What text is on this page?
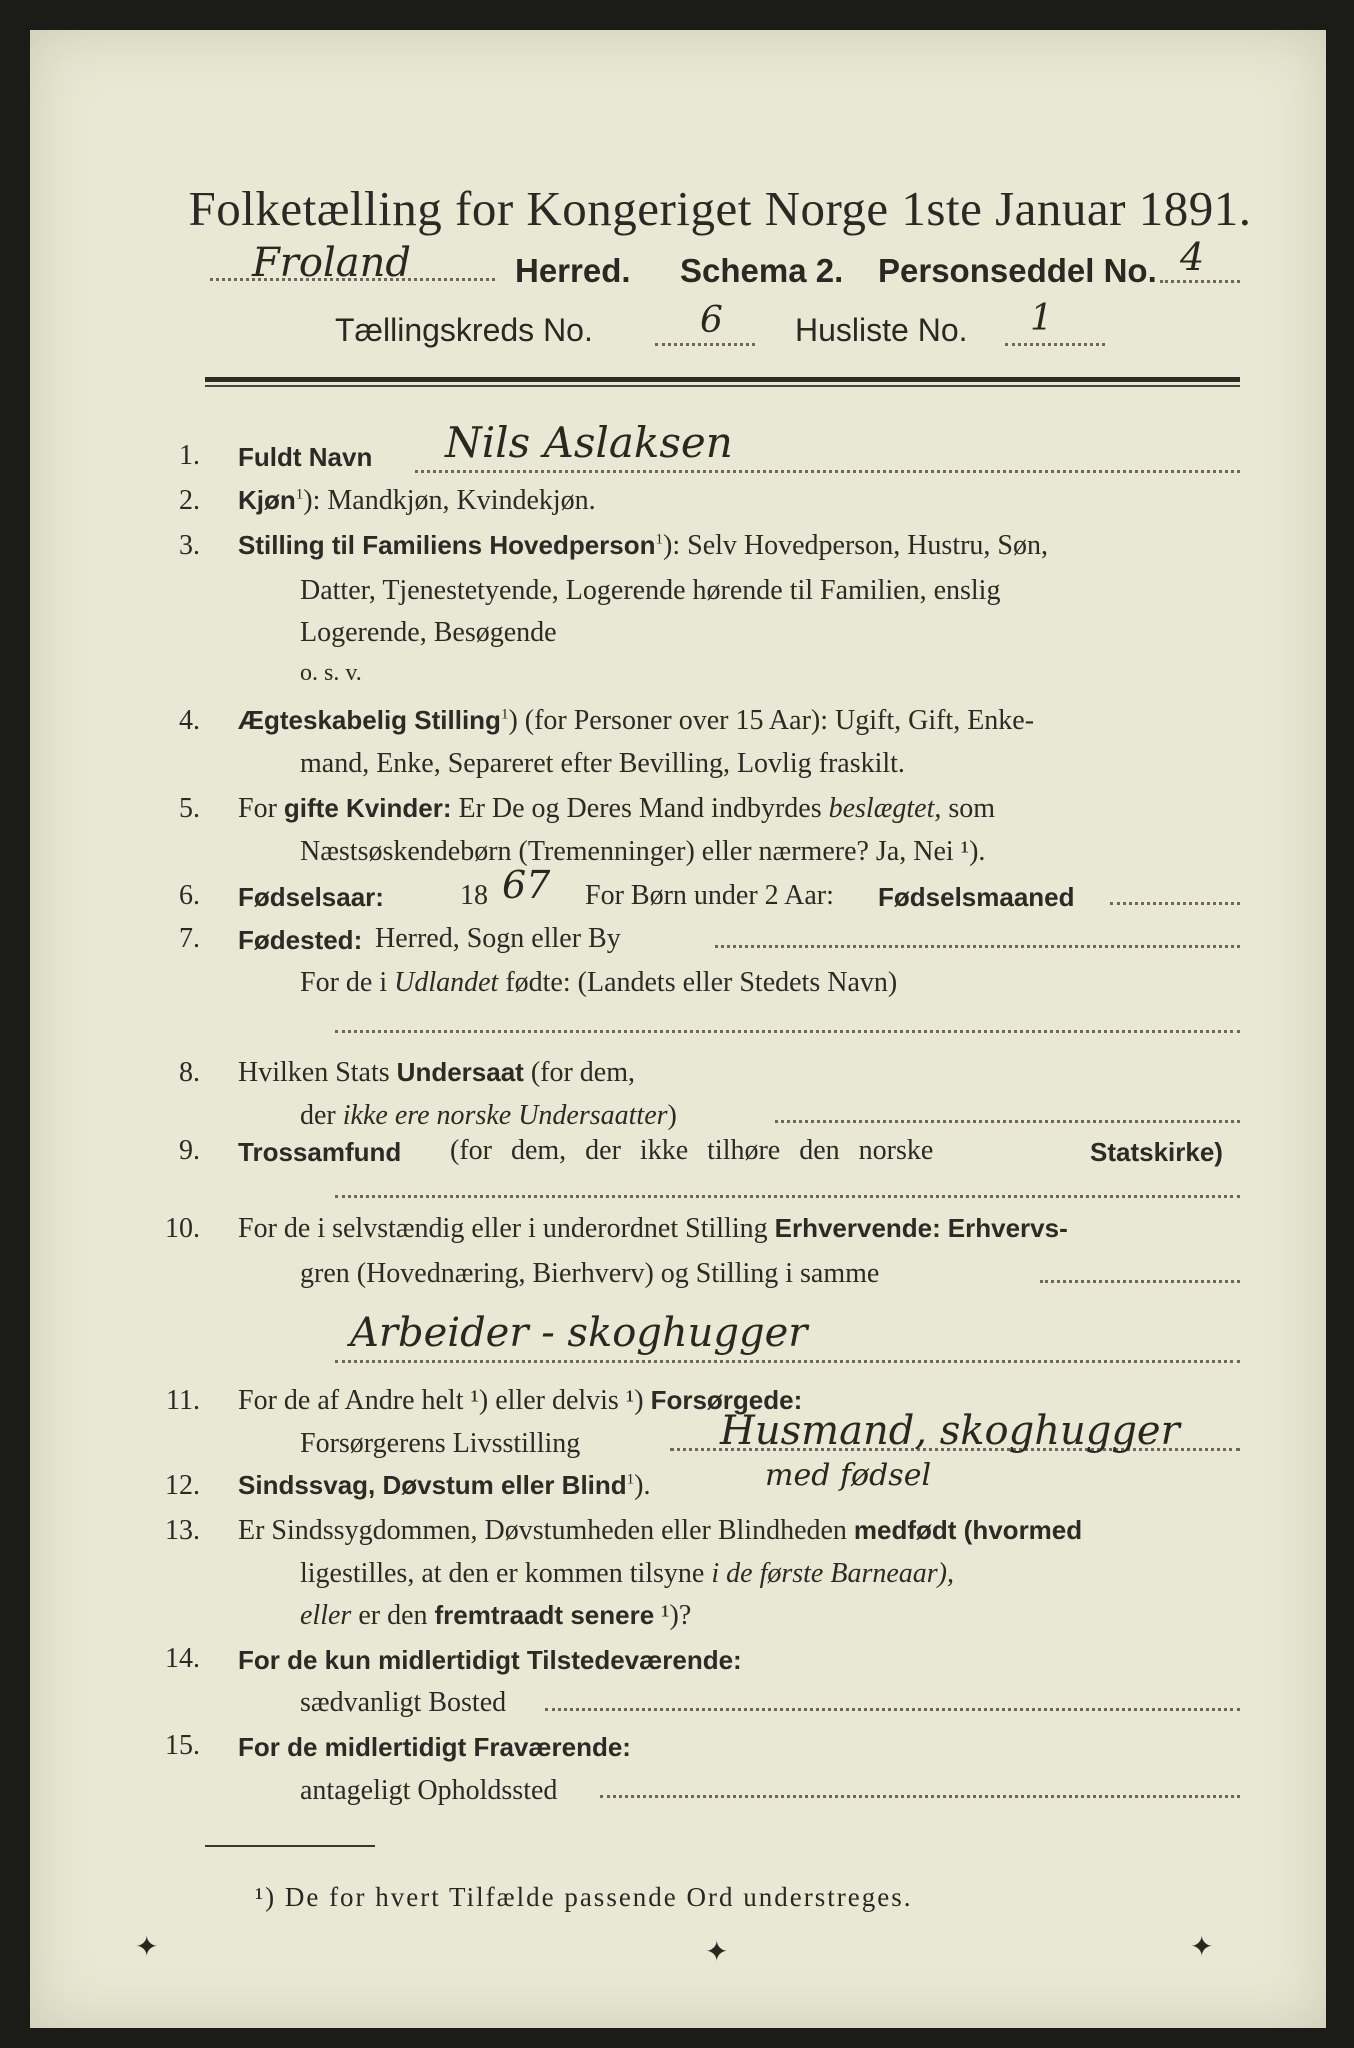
Folketælling for Kongeriget Norge 1ste Januar 1891.
Froland	Herred. Schema 2. Personseddel No. 4
Tællingskreds No.	6 Husliste No. 1
1. Fuldt Navn Nils Aslaksen
2. Kjøn$^1$): Mandkjøn, Kvindekjøn.
3. Stilling til Familiens Hovedperson$^1$): Selv Hovedperson, Hustru, Søn,
Datter, Tjenestetyende, Logerende hørende til Familien, enslig
Logerende, Besøgende
o. s. v.
4. Ægteskabelig Stilling$^1$) (for Personer over 15 Aar): Ugift, Gift, Enke-
mand, Enke, Separeret efter Bevilling, Lovlig fraskilt.
5. For gifte Kvinder: Er De og Deres Mand indbyrdes beslægtet, som
Næstsøskendebørn (Tremenninger) eller nærmere? Ja, Nei ¹).
6. Fødselsaar:	18 67 For Børn under 2 Aar: Fødselsmaaned
7. Fødested: Herred, Sogn eller By
For de i Udlandet fødte: (Landets eller Stedets Navn)
8. Hvilken Stats Undersaat (for dem,
der ikke ere norske Undersaatter)
9. Trossamfund (for dem, der ikke tilhøre den norske	Statskirke)
10. For de i selvstændig eller i underordnet Stilling Erhvervende: Erhvervs-
gren (Hovednæring, Bierhverv) og Stilling i samme
Arbeider - skoghugger
11. For de af Andre helt ¹) eller delvis ¹) Forsørgede:
Forsørgerens Livsstilling	Husmand, skoghugger
12. Sindssvag, Døvstum eller Blind$^1$).	med fødsel
13. Er Sindssygdommen, Døvstumheden eller Blindheden medfødt (hvormed
ligestilles, at den er kommen tilsyne i de første Barneaar),
eller er den fremtraadt senere ¹)?
14. For de kun midlertidigt Tilstedeværende:
sædvanligt Bosted
15. For de midlertidigt Fraværende:
antageligt Opholdssted
¹) De for hvert Tilfælde passende Ord understreges.
✦	✦	✦
